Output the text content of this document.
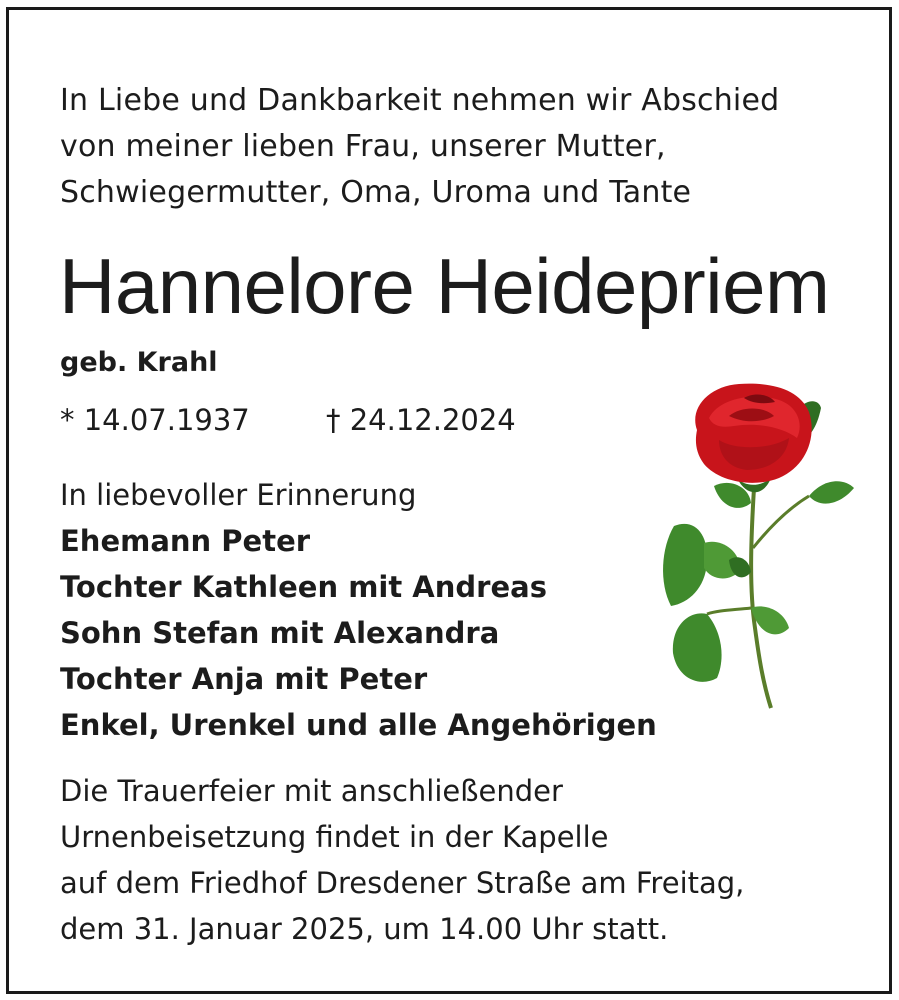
In Liebe und Dankbarkeit nehmen wir Abschied
von meiner lieben Frau, unserer Mutter,
Schwiegermutter, Oma, Uroma und Tante
Hannelore Heidepriem
geb. Krahl
* 14.07.1937	† 24.12.2024
In liebevoller Erinnerung
Ehemann Peter
Tochter Kathleen mit Andreas
Sohn Stefan mit Alexandra
Tochter Anja mit Peter
Enkel, Urenkel und alle Angehörigen
Die Trauerfeier mit anschließender
Urnenbeisetzung findet in der Kapelle
auf dem Friedhof Dresdener Straße am Freitag,
dem 31. Januar 2025, um 14.00 Uhr statt.
